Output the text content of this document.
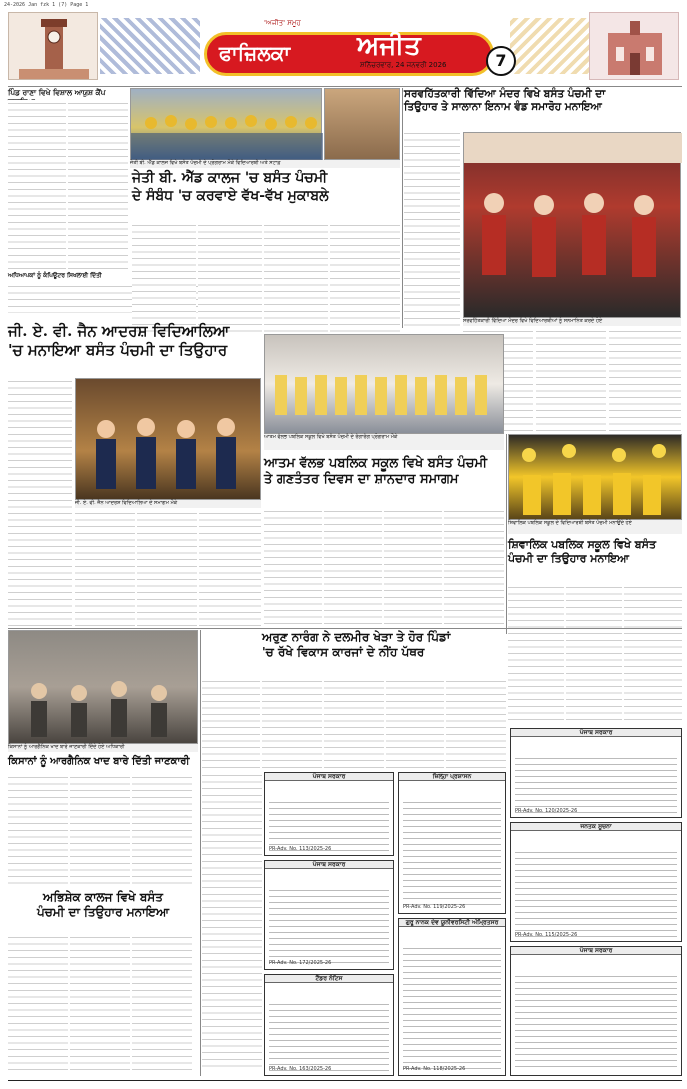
24-2026 Jan fzk 1 (7) Page 1
ਫਾਜ਼ਿਲਕਾ	ਅਜੀਤ
'ਅਜੀਤ' ਸਮੂਹ
ਸ਼ਨਿੱਚਰਵਾਰ, 24 ਜਨਵਰੀ 2026	7
ਪਿੰਡ ਰਾਣਾ ਵਿਖੇ ਵਿਸ਼ਾਲ ਆਯੁਸ਼ ਕੈਂਪ
ਅਧਿਆਪਕਾਂ ਨੂੰ ਕੰਪਿਊਟਰ ਸਿਖਲਾਈ ਦਿੱਤੀ
ਜੇਤੀ ਬੀ. ਐੱਡ ਕਾਲਜ ਵਿਖੇ ਬਸੰਤ ਪੰਚਮੀ ਦੇ ਪ੍ਰੋਗਰਾਮ ਮੌਕੇ ਵਿਦਿਆਰਥੀ ਅਤੇ ਸਟਾਫ਼
ਜੇਤੀ ਬੀ. ਐੱਡ ਕਾਲਜ 'ਚ ਬਸੰਤ ਪੰਚਮੀ
ਦੇ ਸੰਬੰਧ 'ਚ ਕਰਵਾਏ ਵੱਖ-ਵੱਖ ਮੁਕਾਬਲੇ
ਸਰਵਹਿੱਤਕਾਰੀ ਵਿੱਦਿਆ ਮੰਦਰ ਵਿਖੇ ਬਸੰਤ ਪੰਚਮੀ ਦਾ
ਤਿਉਹਾਰ ਤੇ ਸਾਲਾਨਾ ਇਨਾਮ ਵੰਡ ਸਮਾਰੋਹ ਮਨਾਇਆ
ਸਰਵਹਿੱਤਕਾਰੀ ਵਿੱਦਿਆ ਮੰਦਰ ਵਿਖੇ ਵਿਦਿਆਰਥੀਆਂ ਨੂੰ ਸਨਮਾਨਿਤ ਕਰਦੇ ਹੋਏ
ਜੀ. ਏ. ਵੀ. ਜੈਨ ਆਦਰਸ਼ ਵਿਦਿਆਲਿਆ
'ਚ ਮਨਾਇਆ ਬਸੰਤ ਪੰਚਮੀ ਦਾ ਤਿਉਹਾਰ
ਜੀ. ਏ. ਵੀ. ਜੈਨ ਆਦਰਸ਼ ਵਿਦਿਆਲਿਆ ਦੇ ਸਮਾਗਮ ਮੌਕੇ
ਆਤਮ ਵੱਲਭ ਪਬਲਿਕ ਸਕੂਲ ਵਿਖੇ ਬਸੰਤ ਪੰਚਮੀ ਦੇ ਰੰਗਾਰੰਗ ਪ੍ਰੋਗਰਾਮ ਮੌਕੇ
ਆਤਮ ਵੱਲਭ ਪਬਲਿਕ ਸਕੂਲ ਵਿਖੇ ਬਸੰਤ ਪੰਚਮੀ
ਤੇ ਗਣਤੰਤਰ ਦਿਵਸ ਦਾ ਸ਼ਾਨਦਾਰ ਸਮਾਗਮ
ਸ਼ਿਵਾਲਿਕ ਪਬਲਿਕ ਸਕੂਲ ਦੇ ਵਿਦਿਆਰਥੀ ਬਸੰਤ ਪੰਚਮੀ ਮਨਾਉਂਦੇ ਹੋਏ
ਸ਼ਿਵਾਲਿਕ ਪਬਲਿਕ ਸਕੂਲ ਵਿਖੇ ਬਸੰਤ
ਪੰਚਮੀ ਦਾ ਤਿਉਹਾਰ ਮਨਾਇਆ
ਕਿਸਾਨਾਂ ਨੂੰ ਆਰਗੈਨਿਕ ਖਾਦ ਬਾਰੇ ਜਾਣਕਾਰੀ ਦਿੰਦੇ ਹੋਏ ਅਧਿਕਾਰੀ
ਕਿਸਾਨਾਂ ਨੂੰ ਆਰਗੈਨਿਕ ਖਾਦ ਬਾਰੇ ਦਿੱਤੀ ਜਾਣਕਾਰੀ
ਅਰੁਣ ਨਾਰੰਗ ਨੇ ਦਲਮੀਰ ਖੇੜਾ ਤੇ ਹੋਰ ਪਿੰਡਾਂ
'ਚ ਰੱਖੇ ਵਿਕਾਸ ਕਾਰਜਾਂ ਦੇ ਨੀਂਹ ਪੱਥਰ
ਅਭਿਸ਼ੇਕ ਕਾਲਜ ਵਿਖੇ ਬਸੰਤ
ਪੰਚਮੀ ਦਾ ਤਿਉਹਾਰ ਮਨਾਇਆ
ਪੰਜਾਬ ਸਰਕਾਰ
PR-Adv. No. 113/2025-26
ਪੰਜਾਬ ਸਰਕਾਰ
PR-Adv. No. 172/2025-26
ਟੈਂਡਰ ਨੋਟਿਸ
PR-Adv. No. 163/2025-26
ਜ਼ਿਲ੍ਹਾ ਪ੍ਰਸ਼ਾਸਨ
PR-Adv. No. 119/2025-26
ਗੁਰੂ ਨਾਨਕ ਦੇਵ ਯੂਨੀਵਰਸਿਟੀ ਅੰਮ੍ਰਿਤਸਰ
PR-Adv. No. 118/2025-26
ਪੰਜਾਬ ਸਰਕਾਰ
PR-Adv. No. 120/2025-26
ਜਨਤਕ ਸੂਚਨਾ
PR-Adv. No. 115/2025-26
ਪੰਜਾਬ ਸਰਕਾਰ
